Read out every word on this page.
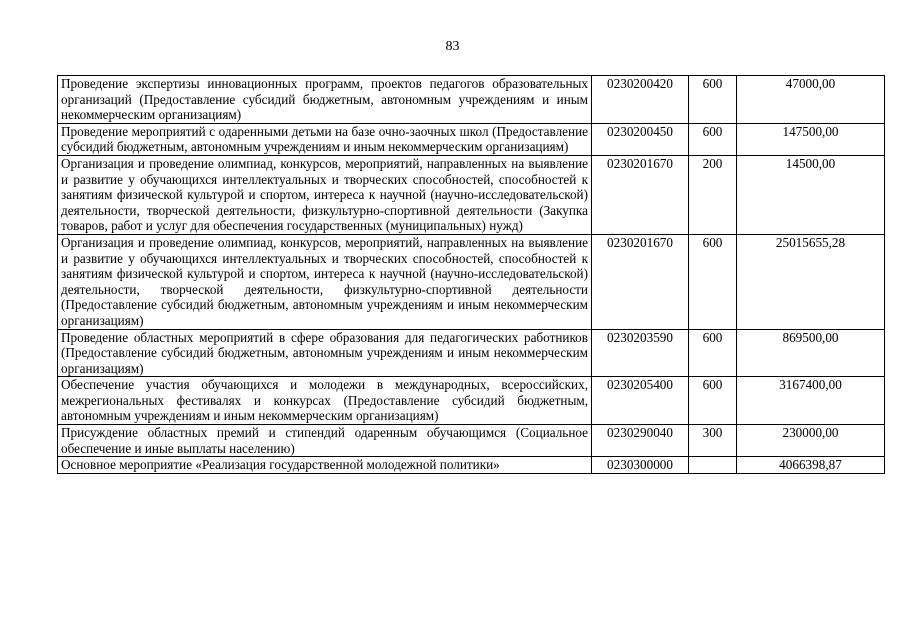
83
Проведение экспертизы инновационных программ, проектов педагогов образовательных организаций (Предоставление субсидий бюджетным, автономным учреждениям и иным некоммерческим организациям)	0230200420	600	47000,00
Проведение мероприятий с одаренными детьми на базе очно-заочных школ (Предоставление субсидий бюджетным, автономным учреждениям и иным некоммерческим организациям)	0230200450	600	147500,00
Организация и проведение олимпиад, конкурсов, мероприятий, направленных на выявление и развитие у обучающихся интеллектуальных и творческих способностей, способностей к занятиям физической культурой и спортом, интереса к научной (научно-исследовательской) деятельности, творческой деятельности, физкультурно-спортивной деятельности (Закупка товаров, работ и услуг для обеспечения государственных (муниципальных) нужд)	0230201670	200	14500,00
Организация и проведение олимпиад, конкурсов, мероприятий, направленных на выявление и развитие у обучающихся интеллектуальных и творческих способностей, способностей к занятиям физической культурой и спортом, интереса к научной (научно-исследовательской) деятельности, творческой деятельности, физкультурно-спортивной деятельности (Предоставление субсидий бюджетным, автономным учреждениям и иным некоммерческим организациям)	0230201670	600	25015655,28
Проведение областных мероприятий в сфере образования для педагогических работников (Предоставление субсидий бюджетным, автономным учреждениям и иным некоммерческим организациям)	0230203590	600	869500,00
Обеспечение участия обучающихся и молодежи в международных, всероссийских, межрегиональных фестивалях и конкурсах (Предоставление субсидий бюджетным, автономным учреждениям и иным некоммерческим организациям)	0230205400	600	3167400,00
Присуждение областных премий и стипендий одаренным обучающимся (Социальное обеспечение и иные выплаты населению)	0230290040	300	230000,00
Основное мероприятие «Реализация государственной молодежной политики»	0230300000		4066398,87
